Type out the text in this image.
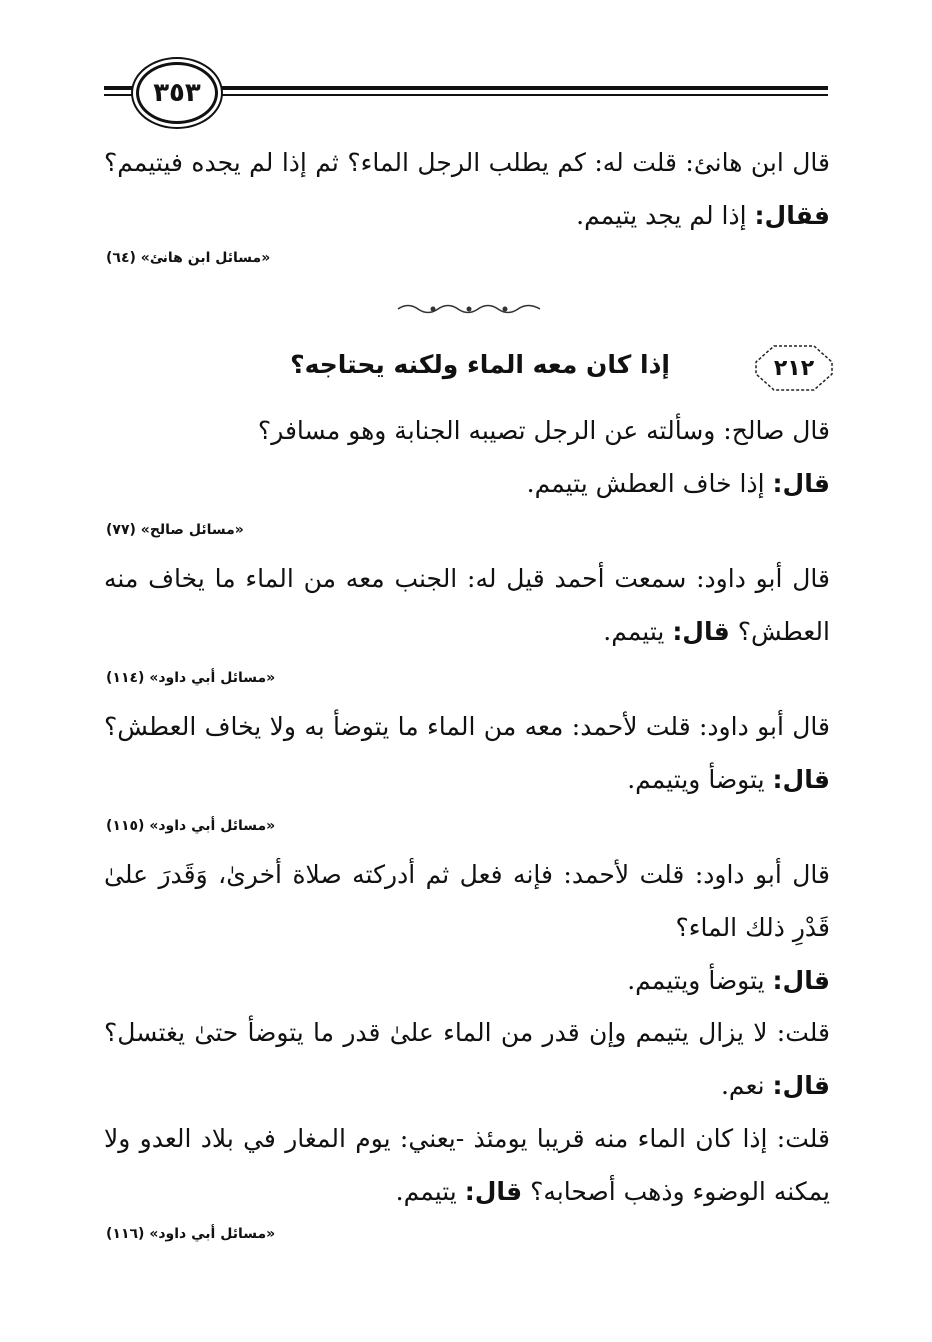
٣٥٣
قال ابن هانئ: قلت له: كم يطلب الرجل الماء؟ ثم إذا لم يجده فيتيمم؟ فقال: إذا لم يجد يتيمم.
«مسائل ابن هانئ» (٦٤)
٢١٢
إذا كان معه الماء ولكنه يحتاجه؟
قال صالح: وسألته عن الرجل تصيبه الجنابة وهو مسافر؟
قال: إذا خاف العطش يتيمم.
«مسائل صالح» (٧٧)
قال أبو داود: سمعت أحمد قيل له: الجنب معه من الماء ما يخاف منه العطش؟ قال: يتيمم.
«مسائل أبي داود» (١١٤)
قال أبو داود: قلت لأحمد: معه من الماء ما يتوضأ به ولا يخاف العطش؟ قال: يتوضأ ويتيمم.
«مسائل أبي داود» (١١٥)
قال أبو داود: قلت لأحمد: فإنه فعل ثم أدركته صلاة أخرىٰ، وَقَدرَ علىٰ قَدْرِ ذلك الماء؟
قال: يتوضأ ويتيمم.
قلت: لا يزال يتيمم وإن قدر من الماء علىٰ قدر ما يتوضأ حتىٰ يغتسل؟ قال: نعم.
قلت: إذا كان الماء منه قريبا يومئذ -يعني: يوم المغار في بلاد العدو ولا يمكنه الوضوء وذهب أصحابه؟ قال: يتيمم.
«مسائل أبي داود» (١١٦)
